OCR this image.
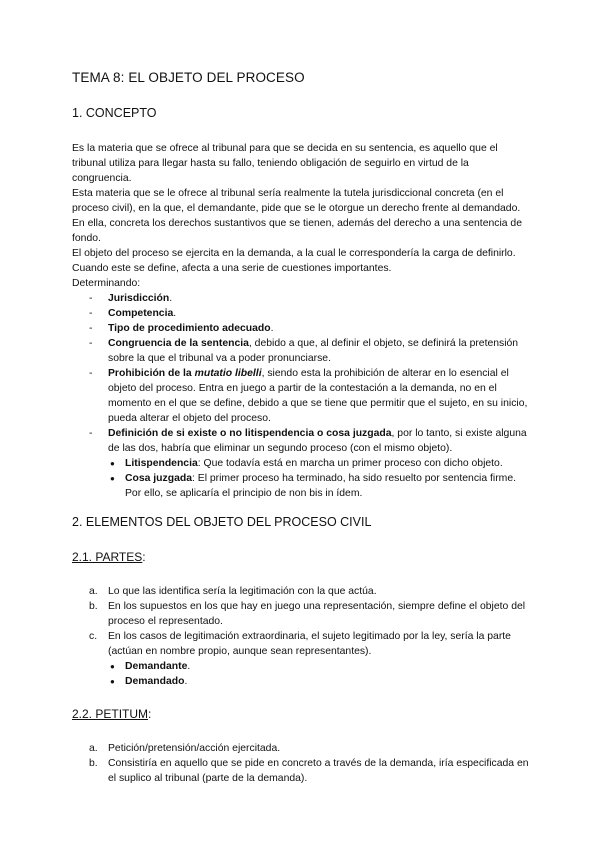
TEMA 8: EL OBJETO DEL PROCESO
1. CONCEPTO

Es la materia que se ofrece al tribunal para que se decida en su sentencia, es aquello que el tribunal utiliza para llegar hasta su fallo, teniendo obligación de seguirlo en virtud de la congruencia.

Esta materia que se le ofrece al tribunal sería realmente la tutela jurisdiccional concreta (en el proceso civil), en la que, el demandante, pide que se le otorgue un derecho frente al demandado. En ella, concreta los derechos sustantivos que se tienen, además del derecho a una sentencia de fondo.

El objeto del proceso se ejercita en la demanda, a la cual le correspondería la carga de definirlo. Cuando este se define, afecta a una serie de cuestiones importantes.

Determinando:

- Jurisdicción.
- Competencia.
- Tipo de procedimiento adecuado.
- Congruencia de la sentencia, debido a que, al definir el objeto, se definirá la pretensión sobre la que el tribunal va a poder pronunciarse.
- Prohibición de la mutatio libelli, siendo esta la prohibición de alterar en lo esencial el objeto del proceso. Entra en juego a partir de la contestación a la demanda, no en el momento en el que se define, debido a que se tiene que permitir que el sujeto, en su inicio, pueda alterar el objeto del proceso.
- Definición de si existe o no litispendencia o cosa juzgada, por lo tanto, si existe alguna de las dos, habría que eliminar un segundo proceso (con el mismo objeto).
● Litispendencia: Que todavía está en marcha un primer proceso con dicho objeto.
● Cosa juzgada: El primer proceso ha terminado, ha sido resuelto por sentencia firme. Por ello, se aplicaría el principio de non bis in ídem.
2. ELEMENTOS DEL OBJETO DEL PROCESO CIVIL
2.1. PARTES:
a. Lo que las identifica sería la legitimación con la que actúa.
b. En los supuestos en los que hay en juego una representación, siempre define el objeto del proceso el representado.
c. En los casos de legitimación extraordinaria, el sujeto legitimado por la ley, sería la parte (actúan en nombre propio, aunque sean representantes).
● Demandante.
● Demandado.
2.2. PETITUM:
a. Petición/pretensión/acción ejercitada.
b. Consistiría en aquello que se pide en concreto a través de la demanda, iría especificada en el suplico al tribunal (parte de la demanda).
